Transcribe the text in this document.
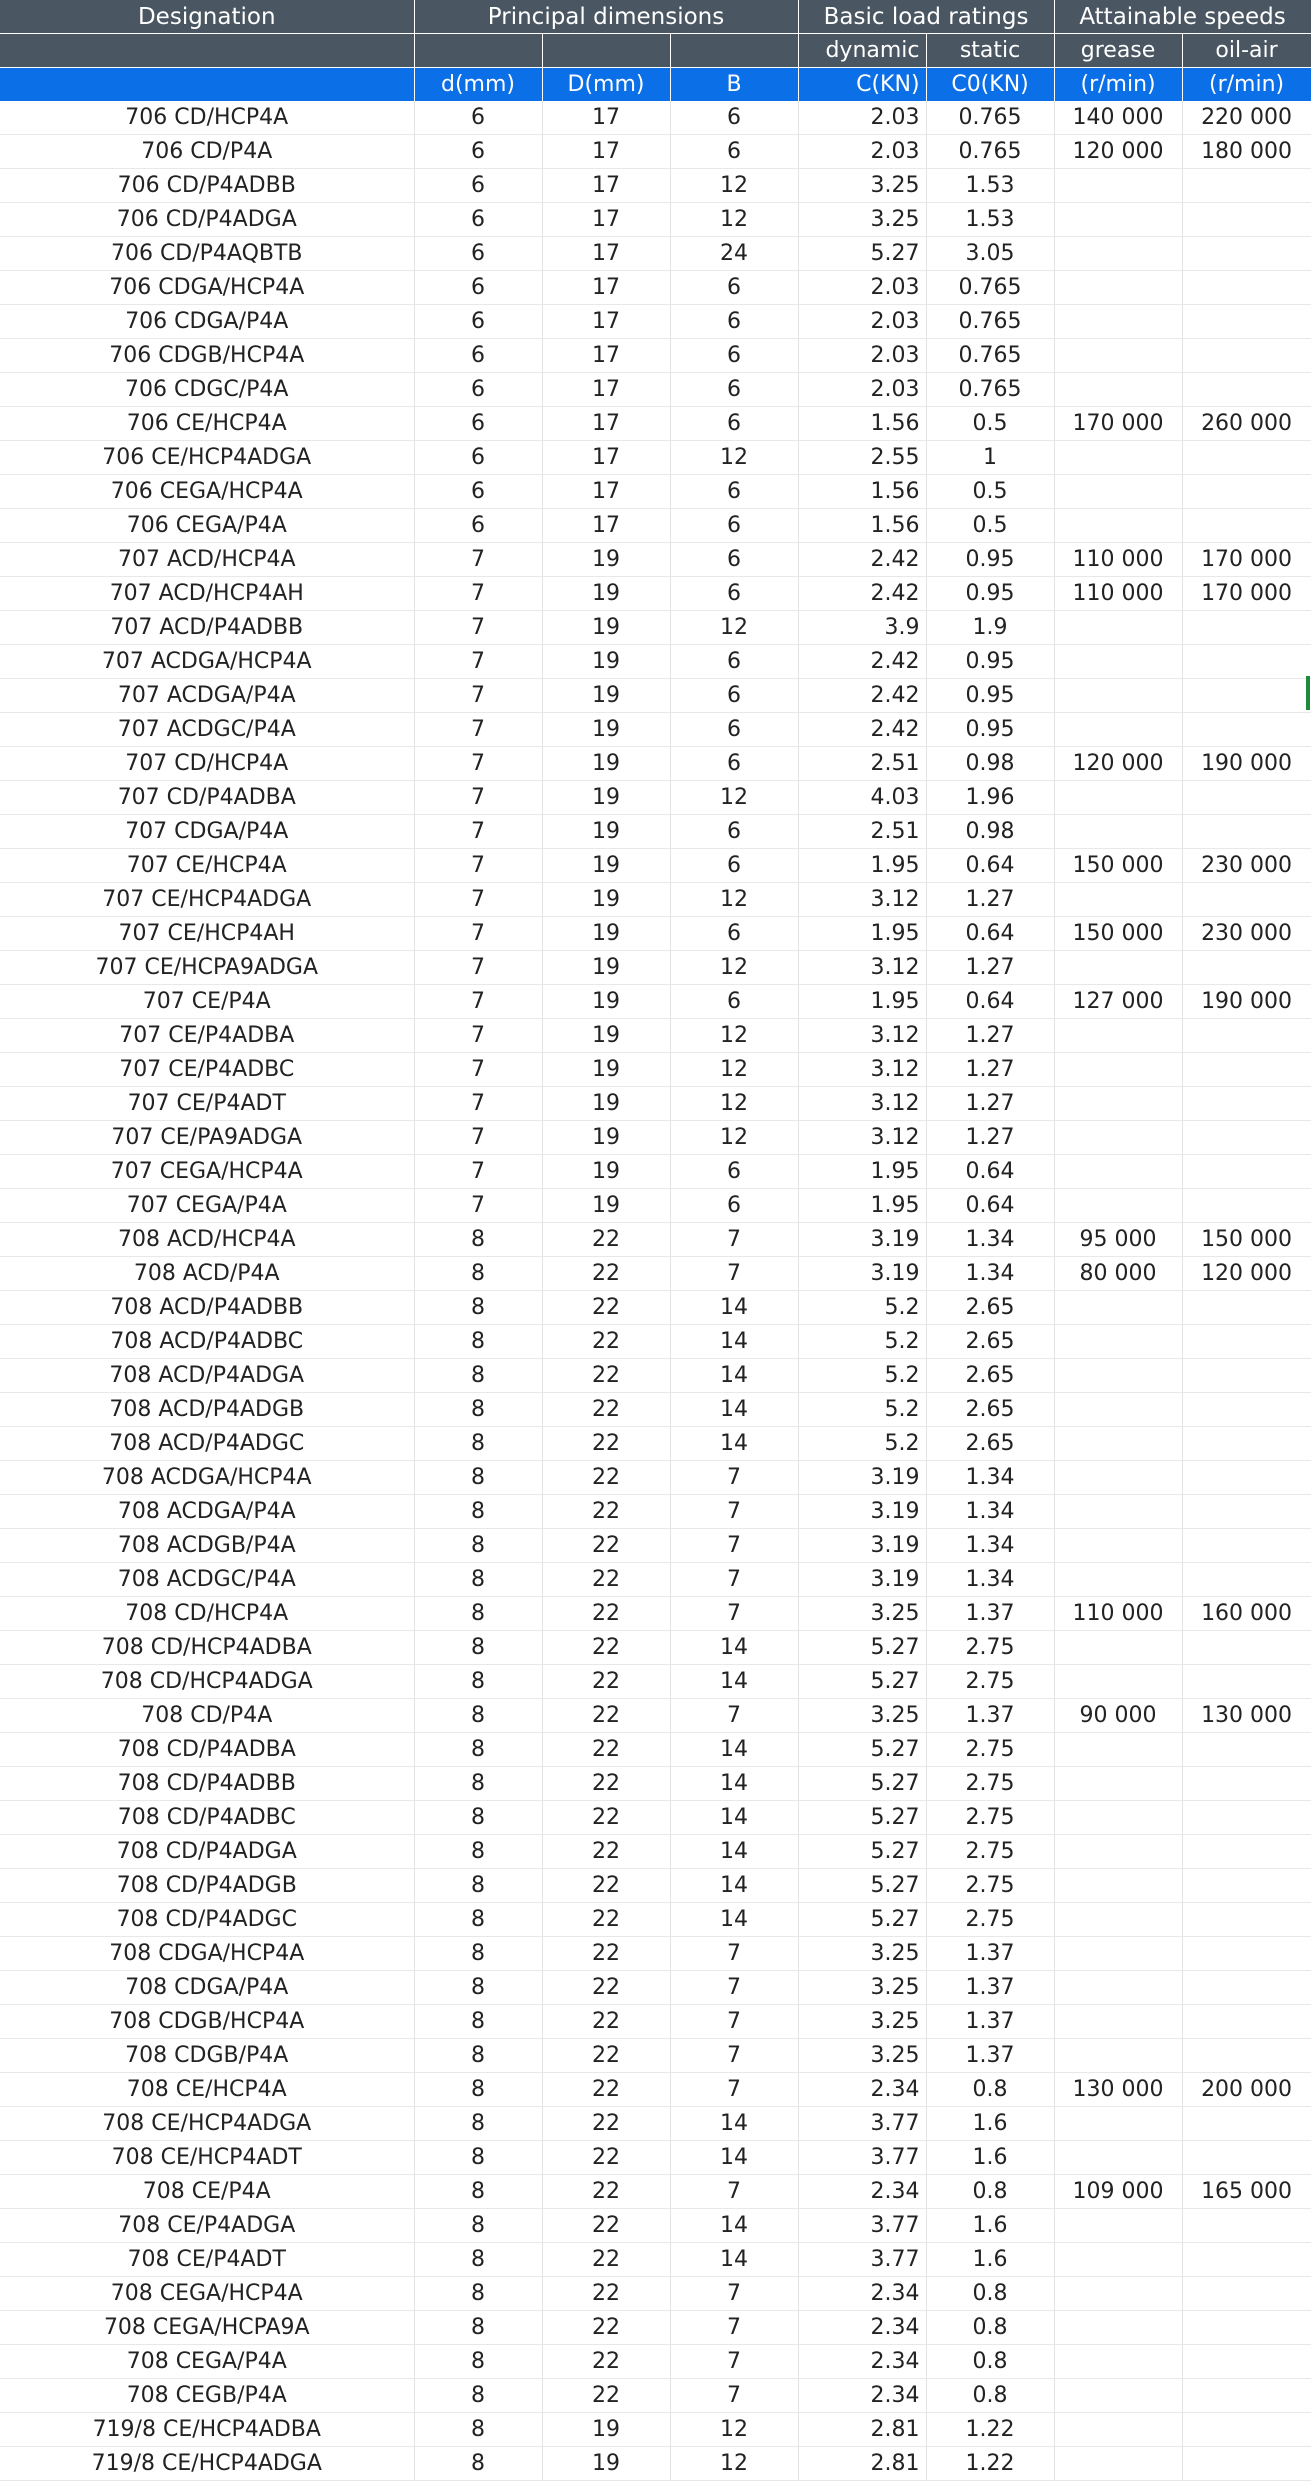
Designation	Principal dimensions			Basic load ratings		Attainable speeds	
				dynamic	static	grease	oil-air
	d(mm)	D(mm)	B	C(KN)	C0(KN)	(r/min)	(r/min)
706 CD/HCP4A	6	17	6	2.03	0.765	140 000	220 000
706 CD/P4A	6	17	6	2.03	0.765	120 000	180 000
706 CD/P4ADBB	6	17	12	3.25	1.53		
706 CD/P4ADGA	6	17	12	3.25	1.53		
706 CD/P4AQBTB	6	17	24	5.27	3.05		
706 CDGA/HCP4A	6	17	6	2.03	0.765		
706 CDGA/P4A	6	17	6	2.03	0.765		
706 CDGB/HCP4A	6	17	6	2.03	0.765		
706 CDGC/P4A	6	17	6	2.03	0.765		
706 CE/HCP4A	6	17	6	1.56	0.5	170 000	260 000
706 CE/HCP4ADGA	6	17	12	2.55	1		
706 CEGA/HCP4A	6	17	6	1.56	0.5		
706 CEGA/P4A	6	17	6	1.56	0.5		
707 ACD/HCP4A	7	19	6	2.42	0.95	110 000	170 000
707 ACD/HCP4AH	7	19	6	2.42	0.95	110 000	170 000
707 ACD/P4ADBB	7	19	12	3.9	1.9		
707 ACDGA/HCP4A	7	19	6	2.42	0.95		
707 ACDGA/P4A	7	19	6	2.42	0.95		
707 ACDGC/P4A	7	19	6	2.42	0.95		
707 CD/HCP4A	7	19	6	2.51	0.98	120 000	190 000
707 CD/P4ADBA	7	19	12	4.03	1.96		
707 CDGA/P4A	7	19	6	2.51	0.98		
707 CE/HCP4A	7	19	6	1.95	0.64	150 000	230 000
707 CE/HCP4ADGA	7	19	12	3.12	1.27		
707 CE/HCP4AH	7	19	6	1.95	0.64	150 000	230 000
707 CE/HCPA9ADGA	7	19	12	3.12	1.27		
707 CE/P4A	7	19	6	1.95	0.64	127 000	190 000
707 CE/P4ADBA	7	19	12	3.12	1.27		
707 CE/P4ADBC	7	19	12	3.12	1.27		
707 CE/P4ADT	7	19	12	3.12	1.27		
707 CE/PA9ADGA	7	19	12	3.12	1.27		
707 CEGA/HCP4A	7	19	6	1.95	0.64		
707 CEGA/P4A	7	19	6	1.95	0.64		
708 ACD/HCP4A	8	22	7	3.19	1.34	95 000	150 000
708 ACD/P4A	8	22	7	3.19	1.34	80 000	120 000
708 ACD/P4ADBB	8	22	14	5.2	2.65		
708 ACD/P4ADBC	8	22	14	5.2	2.65		
708 ACD/P4ADGA	8	22	14	5.2	2.65		
708 ACD/P4ADGB	8	22	14	5.2	2.65		
708 ACD/P4ADGC	8	22	14	5.2	2.65		
708 ACDGA/HCP4A	8	22	7	3.19	1.34		
708 ACDGA/P4A	8	22	7	3.19	1.34		
708 ACDGB/P4A	8	22	7	3.19	1.34		
708 ACDGC/P4A	8	22	7	3.19	1.34		
708 CD/HCP4A	8	22	7	3.25	1.37	110 000	160 000
708 CD/HCP4ADBA	8	22	14	5.27	2.75		
708 CD/HCP4ADGA	8	22	14	5.27	2.75		
708 CD/P4A	8	22	7	3.25	1.37	90 000	130 000
708 CD/P4ADBA	8	22	14	5.27	2.75		
708 CD/P4ADBB	8	22	14	5.27	2.75		
708 CD/P4ADBC	8	22	14	5.27	2.75		
708 CD/P4ADGA	8	22	14	5.27	2.75		
708 CD/P4ADGB	8	22	14	5.27	2.75		
708 CD/P4ADGC	8	22	14	5.27	2.75		
708 CDGA/HCP4A	8	22	7	3.25	1.37		
708 CDGA/P4A	8	22	7	3.25	1.37		
708 CDGB/HCP4A	8	22	7	3.25	1.37		
708 CDGB/P4A	8	22	7	3.25	1.37		
708 CE/HCP4A	8	22	7	2.34	0.8	130 000	200 000
708 CE/HCP4ADGA	8	22	14	3.77	1.6		
708 CE/HCP4ADT	8	22	14	3.77	1.6		
708 CE/P4A	8	22	7	2.34	0.8	109 000	165 000
708 CE/P4ADGA	8	22	14	3.77	1.6		
708 CE/P4ADT	8	22	14	3.77	1.6		
708 CEGA/HCP4A	8	22	7	2.34	0.8		
708 CEGA/HCPA9A	8	22	7	2.34	0.8		
708 CEGA/P4A	8	22	7	2.34	0.8		
708 CEGB/P4A	8	22	7	2.34	0.8		
719/8 CE/HCP4ADBA	8	19	12	2.81	1.22		
719/8 CE/HCP4ADGA	8	19	12	2.81	1.22		
